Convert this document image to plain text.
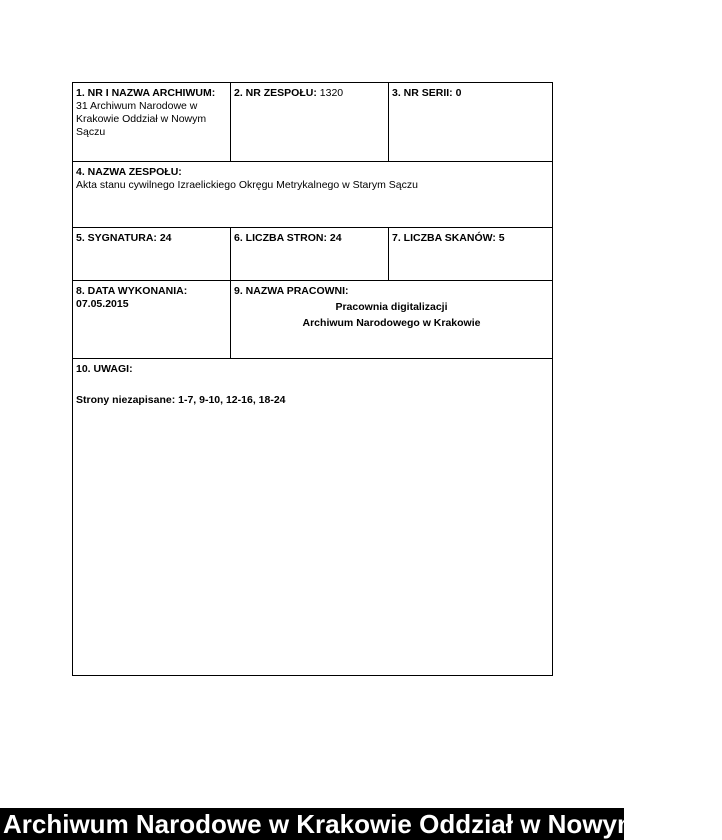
1. NR I NAZWA ARCHIWUM:
31 Archiwum Narodowe w Krakowie Oddział w Nowym Sączu
2. NR ZESPOŁU: 1320	3. NR SERII: 0
4. NAZWA ZESPOŁU:
Akta stanu cywilnego Izraelickiego Okręgu Metrykalnego w Starym Sączu
5. SYGNATURA: 24	6. LICZBA STRON: 24	7. LICZBA SKANÓW: 5
8. DATA WYKONANIA:
07.05.2015
9. NAZWA PRACOWNI:
Pracownia digitalizacji
Archiwum Narodowego w Krakowie
10. UWAGI:
Strony niezapisane: 1-7, 9-10, 12-16, 18-24
Archiwum Narodowe w Krakowie Oddział w Nowym Sączu
